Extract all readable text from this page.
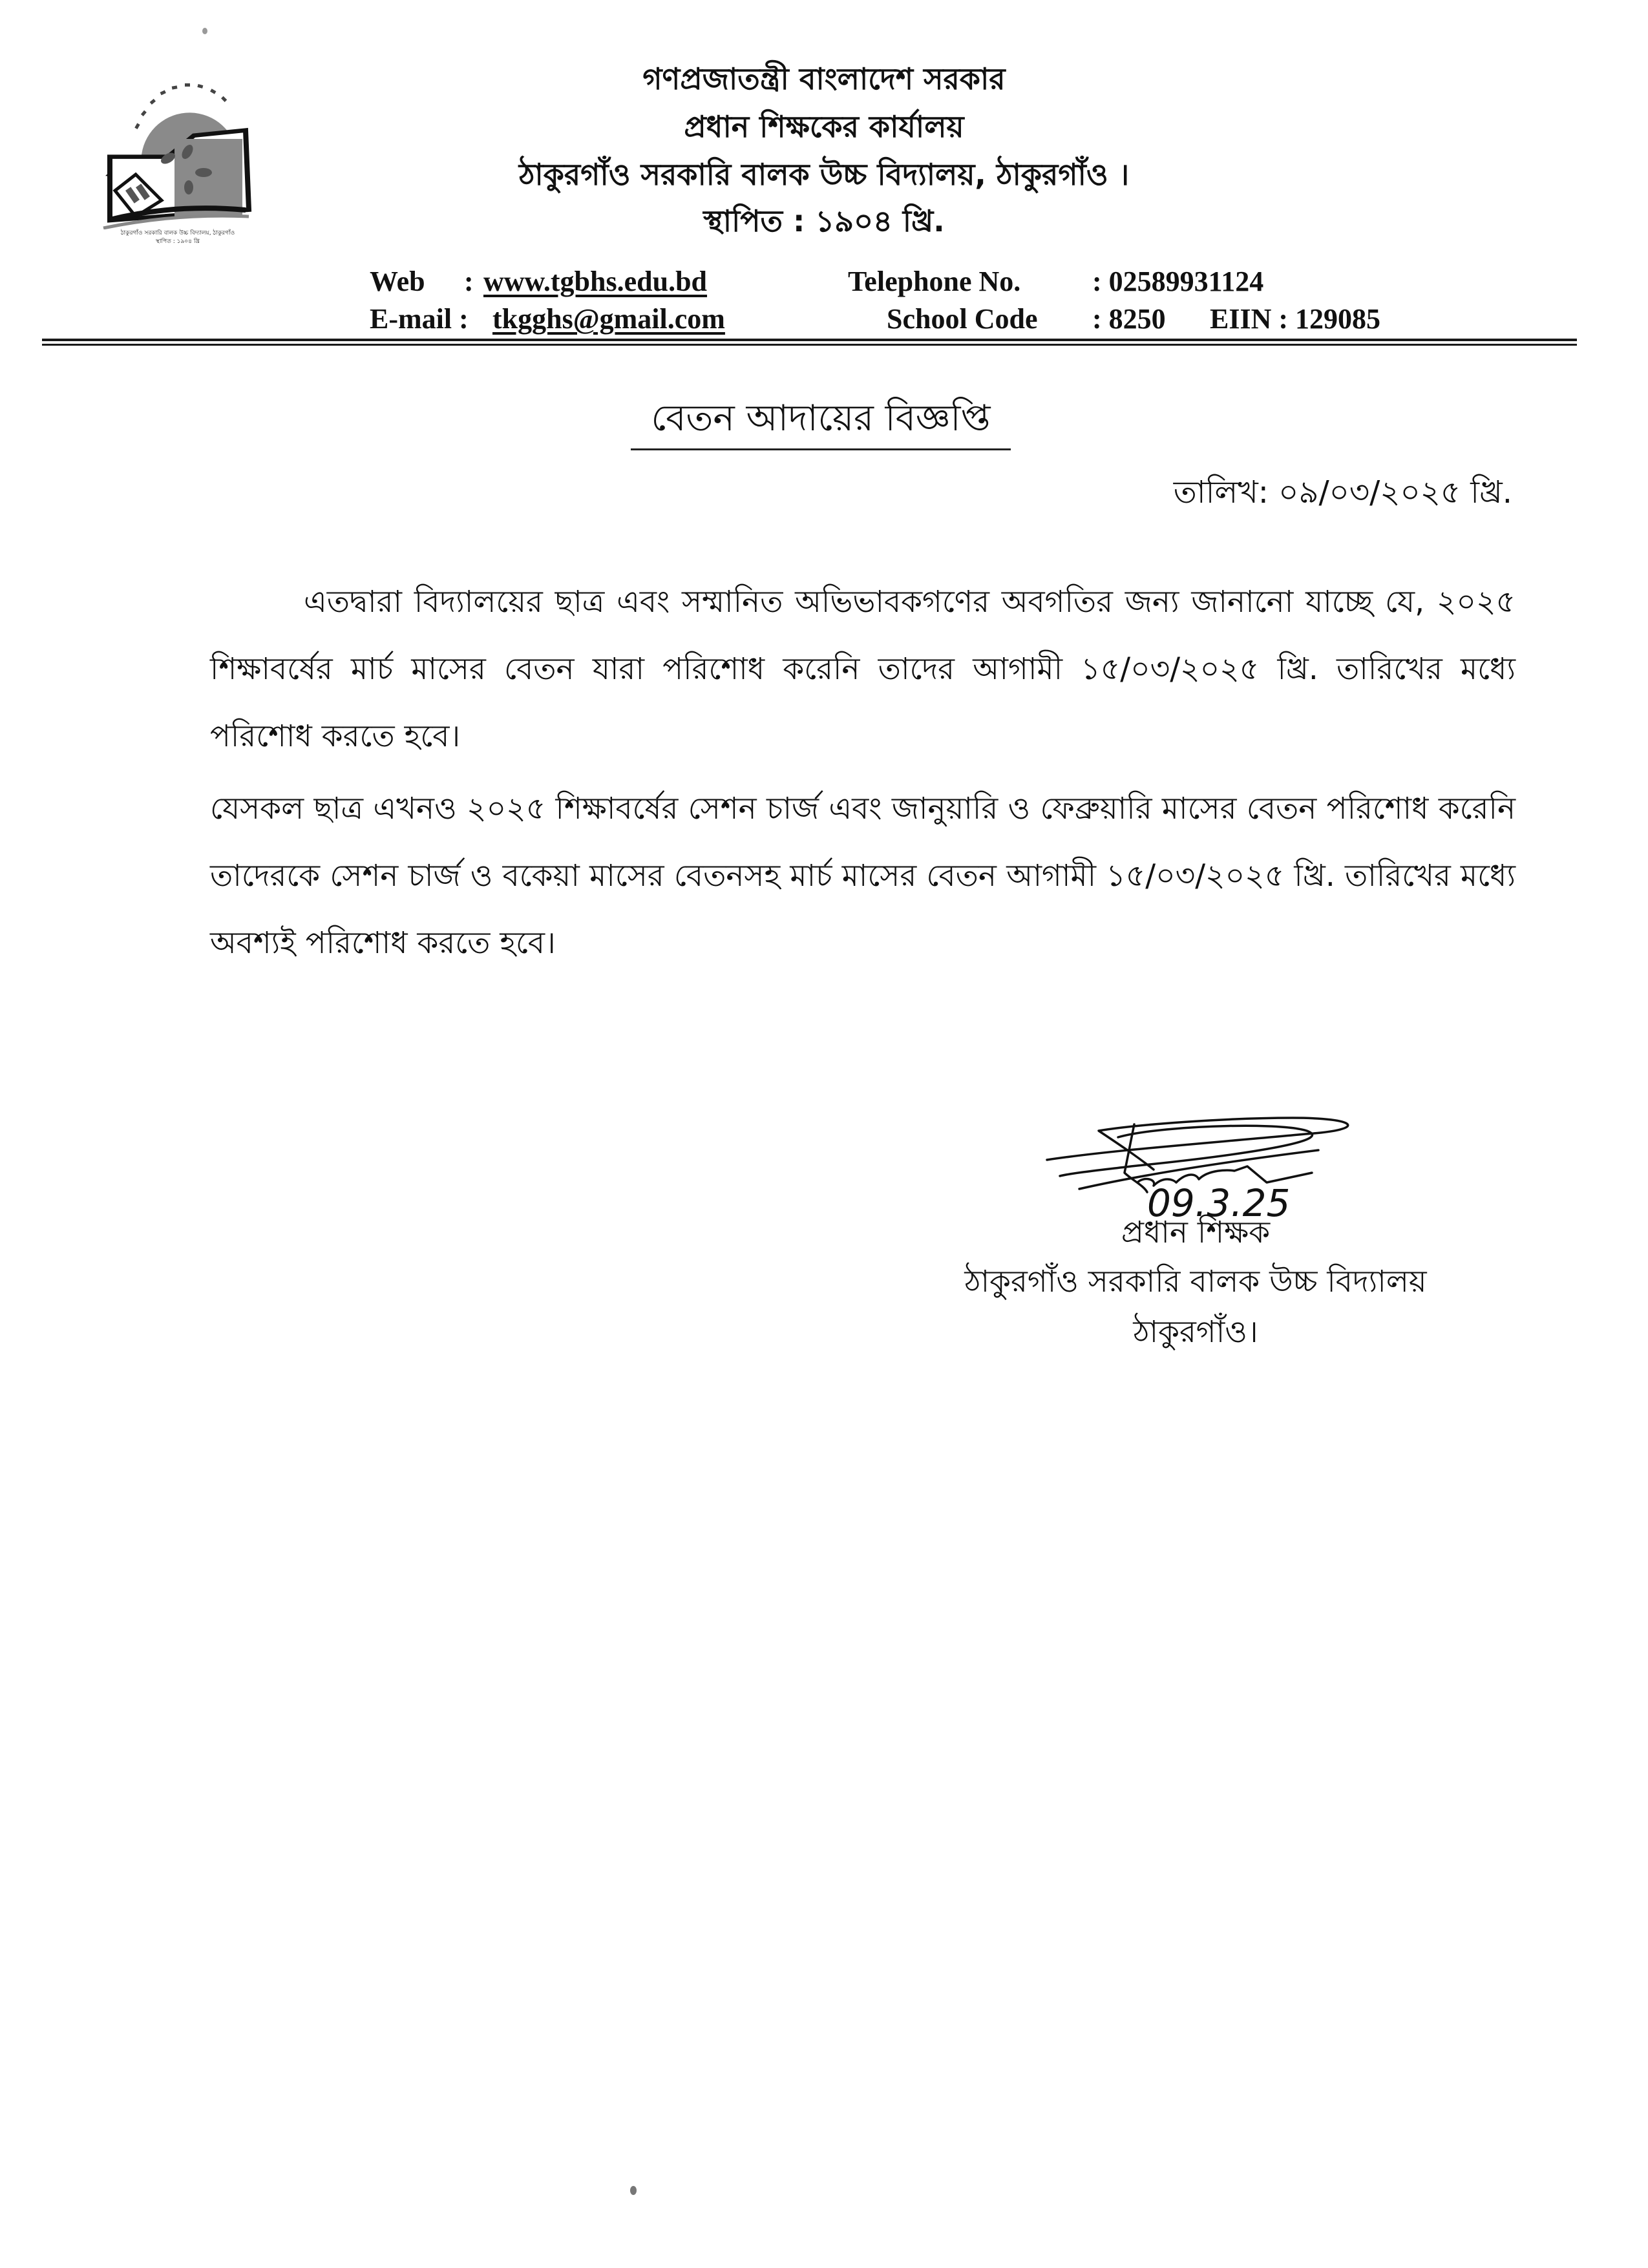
ঠাকুরগাঁও সরকারি বালক উচ্চ বিদ্যালয়, ঠাকুরগাঁও
স্থাপিত : ১৯০৪ খ্রি
গণপ্রজাতন্ত্রী বাংলাদেশ সরকার
প্রধান শিক্ষকের কার্যালয়
ঠাকুরগাঁও সরকারি বালক উচ্চ বিদ্যালয়, ঠাকুরগাঁও ।
স্থাপিত : ১৯০৪ খ্রি.
Web : www.tgbhs.edu.bd
E-mail : tkgghs@gmail.com
Telephone No.	: 02589931124
School Code : 8250 EIIN : 129085
বেতন আদায়ের বিজ্ঞপ্তি
তালিখ: ০৯/০৩/২০২৫ খ্রি.
এতদ্বারা বিদ্যালয়ের ছাত্র এবং সম্মানিত অভিভাবকগণের অবগতির জন্য জানানো যাচ্ছে যে, ২০২৫ শিক্ষাবর্ষের মার্চ মাসের বেতন যারা পরিশোধ করেনি তাদের আগামী ১৫/০৩/২০২৫ খ্রি. তারিখের মধ্যে পরিশোধ করতে হবে।
যেসকল ছাত্র এখনও ২০২৫ শিক্ষাবর্ষের সেশন চার্জ এবং জানুয়ারি ও ফেব্রুয়ারি মাসের বেতন পরিশোধ করেনি তাদেরকে সেশন চার্জ ও বকেয়া মাসের বেতনসহ মার্চ মাসের বেতন আগামী ১৫/০৩/২০২৫ খ্রি. তারিখের মধ্যে অবশ্যই পরিশোধ করতে হবে।
09.3.25
প্রধান শিক্ষক
ঠাকুরগাঁও সরকারি বালক উচ্চ বিদ্যালয়
ঠাকুরগাঁও।
